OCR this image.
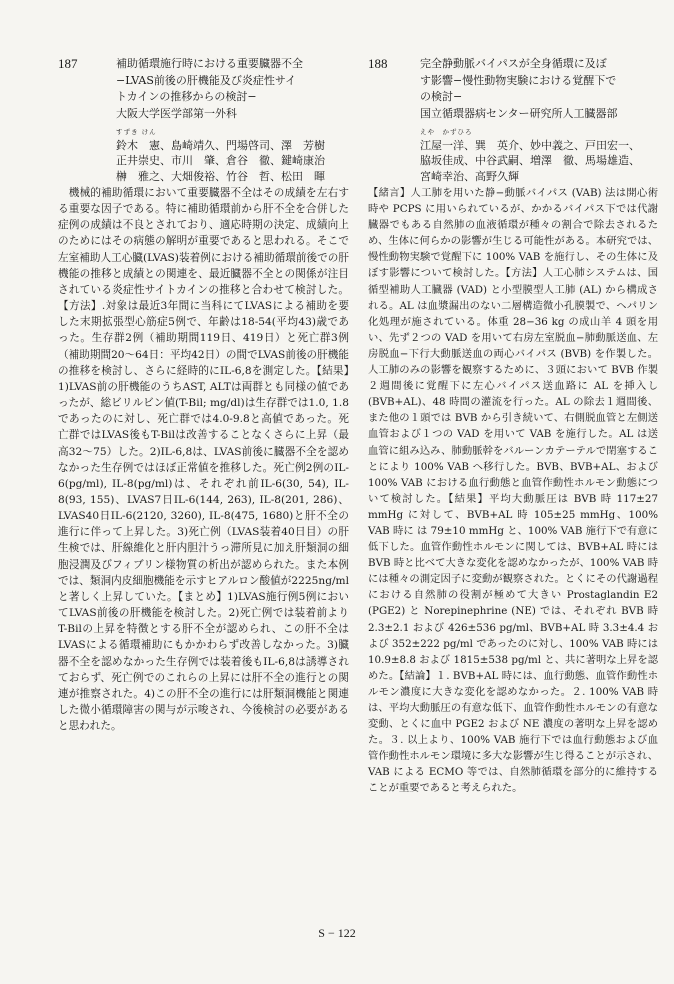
187	補助循環施行時における重要臓器不全
−LVAS前後の肝機能及び炎症性サイ
トカインの推移からの検討−
大阪大学医学部第一外科
すずき けん
鈴木　憲、島崎靖久、門場啓司、澤　芳樹
正井崇史、市川　肇、倉谷　徹、鍵崎康治
榊　雅之、大畑俊裕、竹谷　哲、松田　暉
　機械的補助循環において重要臓器不全はその成績を左右する重要な因子である。特に補助循環前から肝不全を合併した症例の成績は不良とされており、適応時期の決定、成績向上のためにはその病態の解明が重要であると思われる。そこで左室補助人工心臓(LVAS)装着例における補助循環前後での肝機能の推移と成績との関連を、最近臓器不全との関係が注目されている炎症性サイトカインの推移と合わせて検討した。【方法】.対象は最近3年間に当科にてLVASによる補助を要した末期拡張型心筋症5例で、年齢は18-54(平均43)歳であった。生存群2例（補助期間119日、419日）と死亡群3例（補助期間20〜64日：平均42日）の間でLVAS前後の肝機能の推移を検討し、さらに経時的にIL-6,8を測定した。【結果】1)LVAS前の肝機能のうちAST, ALTは両群とも同様の値であったが、総ビリルビン値(T-Bil; mg/dl)は生存群では1.0, 1.8であったのに対し、死亡群では4.0-9.8と高値であった。死亡群ではLVAS後もT-Bilは改善することなくさらに上昇（最高32〜75）した。2)IL-6,8は、LVAS前後に臓器不全を認めなかった生存例ではほぼ正常値を推移した。死亡例2例のIL-6(pg/ml), IL-8(pg/ml)は、それぞれ前IL-6(30, 54), IL-8(93, 155)、LVAS7日IL-6(144, 263), IL-8(201, 286)、LVAS40日IL-6(2120, 3260), IL-8(475, 1680)と肝不全の進行に伴って上昇した。3)死亡例（LVAS装着40日目）の肝生検では、肝線維化と肝内胆汁うっ滞所見に加え肝類洞の細胞浸潤及びフィブリン様物質の析出が認められた。また本例では、類洞内皮細胞機能を示すヒアルロン酸値が2225ng/mlと著しく上昇していた。【まとめ】1)LVAS施行例5例においてLVAS前後の肝機能を検討した。2)死亡例では装着前よりT-Bilの上昇を特徴とする肝不全が認められ、この肝不全はLVASによる循環補助にもかかわらず改善しなかった。3)臓器不全を認めなかった生存例では装着後もIL-6,8は誘導されておらず、死亡例でのこれらの上昇には肝不全の進行との関連が推察された。4)この肝不全の進行には肝類洞機能と関連した微小循環障害の関与が示唆され、今後検討の必要があると思われた。
188	完全静動脈バイパスが全身循環に及ぼ
す影響−慢性動物実験における覚醒下で
の検討−
国立循環器病センター研究所人工臓器部
えや　かずひろ
江屋一洋、巽　英介、妙中義之、戸田宏一、
脇坂佳成、中谷武嗣、増澤　徹、馬場雄造、
宮崎幸治、高野久輝
【緒言】人工肺を用いた静−動脈バイパス (VAB) 法は開心術時や PCPS に用いられているが、かかるバイパス下では代謝臓器でもある自然肺の血液循環が種々の割合で除去されるため、生体に何らかの影響が生じる可能性がある。本研究では、慢性動物実験で覚醒下に 100% VAB を施行し、その生体に及ぼす影響について検討した。【方法】人工心肺システムは、国循型補助人工臓器 (VAD) と小型膜型人工肺 (AL) から構成される。AL は血漿漏出のない二層構造微小孔膜製で、ヘパリン化処理が施されている。体重 28−36 kg の成山羊 4 頭を用い、先ず２つの VAD を用いて右房左室脱血−肺動脈送血、左房脱血−下行大動脈送血の両心バイパス (BVB) を作製した。人工肺のみの影響を観察するために、３頭において BVB 作製２週間後に覚醒下に左心バイパス送血路に AL を挿入し (BVB+AL)、48 時間の灌流を行った。AL の除去１週間後、また他の１頭では BVB から引き続いて、右側脱血管と左側送血管および１つの VAD を用いて VAB を施行した。AL は送血管に組み込み、肺動脈幹をバルーンカテーテルで閉塞することにより 100% VAB へ移行した。BVB、BVB+AL、および 100% VAB における血行動態と血管作動性ホルモン動態について検討した。【結果】平均大動脈圧は BVB 時 117±27 mmHg に対して、BVB+AL 時 105±25 mmHg、100% VAB 時に は 79±10 mmHg と、100% VAB 施行下で有意に低下した。血管作動性ホルモンに関しては、BVB+AL 時には BVB 時と比べて大きな変化を認めなかったが、100% VAB 時には種々の測定因子に変動が観察された。とくにその代謝過程における自然肺の役割が極めて大きい Prostaglandin E2 (PGE2) と Norepinephrine (NE) では、それぞれ BVB 時 2.3±2.1 および 426±536 pg/ml、BVB+AL 時 3.3±4.4 および 352±222 pg/ml であったのに対し、100% VAB 時には 10.9±8.8 および 1815±538 pg/ml と、共に著明な上昇を認めた。【結論】１. BVB+AL 時には、血行動態、血管作動性ホルモン濃度に大きな変化を認めなかった。２. 100% VAB 時は、平均大動脈圧の有意な低下、血管作動性ホルモンの有意な変動、とくに血中 PGE2 および NE 濃度の著明な上昇を認めた。３. 以上より、100% VAB 施行下では血行動態および血管作動性ホルモン環境に多大な影響が生じ得ることが示され、VAB による ECMO 等では、自然肺循環を部分的に維持することが重要であると考えられた。
S − 122
